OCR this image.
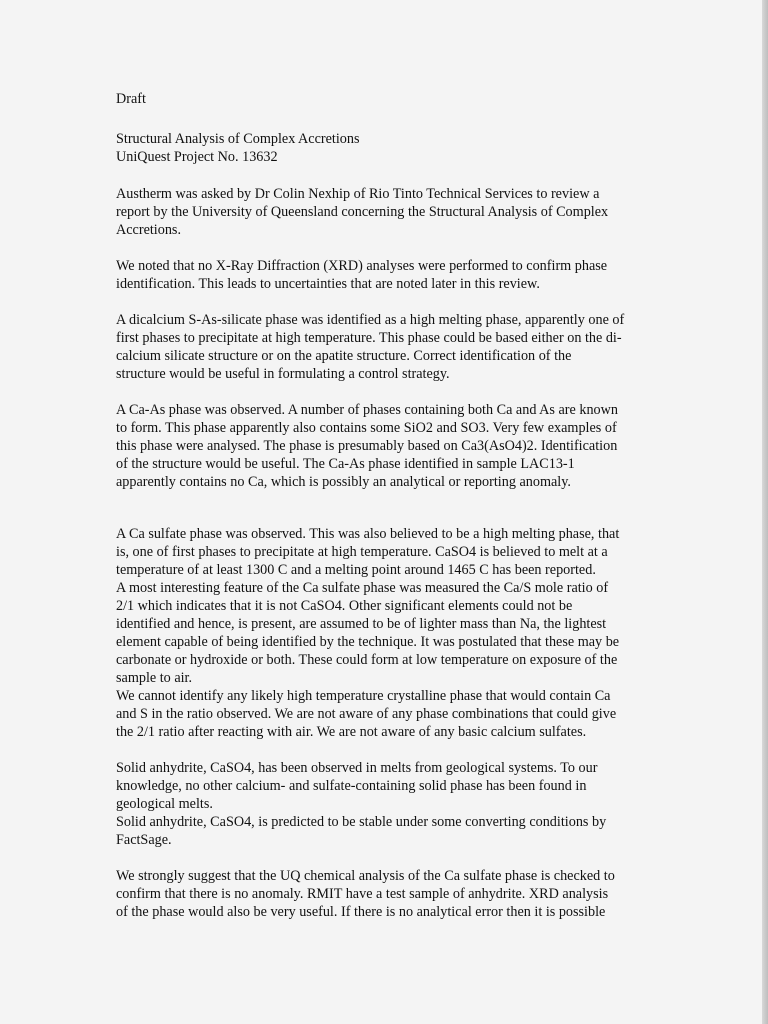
Draft

Structural Analysis of Complex Accretions
UniQuest Project No. 13632
Austherm was asked by Dr Colin Nexhip of Rio Tinto Technical Services to review a
report by the University of Queensland concerning the Structural Analysis of Complex
Accretions.
We noted that no X-Ray Diffraction (XRD) analyses were performed to confirm phase
identification. This leads to uncertainties that are noted later in this review.
A dicalcium S-As-silicate phase was identified as a high melting phase, apparently one of
first phases to precipitate at high temperature. This phase could be based either on the di-
calcium silicate structure or on the apatite structure. Correct identification of the
structure would be useful in formulating a control strategy.
A Ca-As phase was observed. A number of phases containing both Ca and As are known
to form. This phase apparently also contains some SiO2 and SO3. Very few examples of
this phase were analysed. The phase is presumably based on Ca3(AsO4)2. Identification
of the structure would be useful. The Ca-As phase identified in sample LAC13-1
apparently contains no Ca, which is possibly an analytical or reporting anomaly.
A Ca sulfate phase was observed. This was also believed to be a high melting phase, that
is, one of first phases to precipitate at high temperature. CaSO4 is believed to melt at a
temperature of at least 1300 C and a melting point around 1465 C has been reported.
A most interesting feature of the Ca sulfate phase was measured the Ca/S mole ratio of
2/1 which indicates that it is not CaSO4. Other significant elements could not be
identified and hence, is present, are assumed to be of lighter mass than Na, the lightest
element capable of being identified by the technique. It was postulated that these may be
carbonate or hydroxide or both. These could form at low temperature on exposure of the
sample to air.
We cannot identify any likely high temperature crystalline phase that would contain Ca
and S in the ratio observed. We are not aware of any phase combinations that could give
the 2/1 ratio after reacting with air. We are not aware of any basic calcium sulfates.
Solid anhydrite, CaSO4, has been observed in melts from geological systems. To our
knowledge, no other calcium- and sulfate-containing solid phase has been found in
geological melts.
Solid anhydrite, CaSO4, is predicted to be stable under some converting conditions by
FactSage.
We strongly suggest that the UQ chemical analysis of the Ca sulfate phase is checked to
confirm that there is no anomaly. RMIT have a test sample of anhydrite. XRD analysis
of the phase would also be very useful. If there is no analytical error then it is possible
